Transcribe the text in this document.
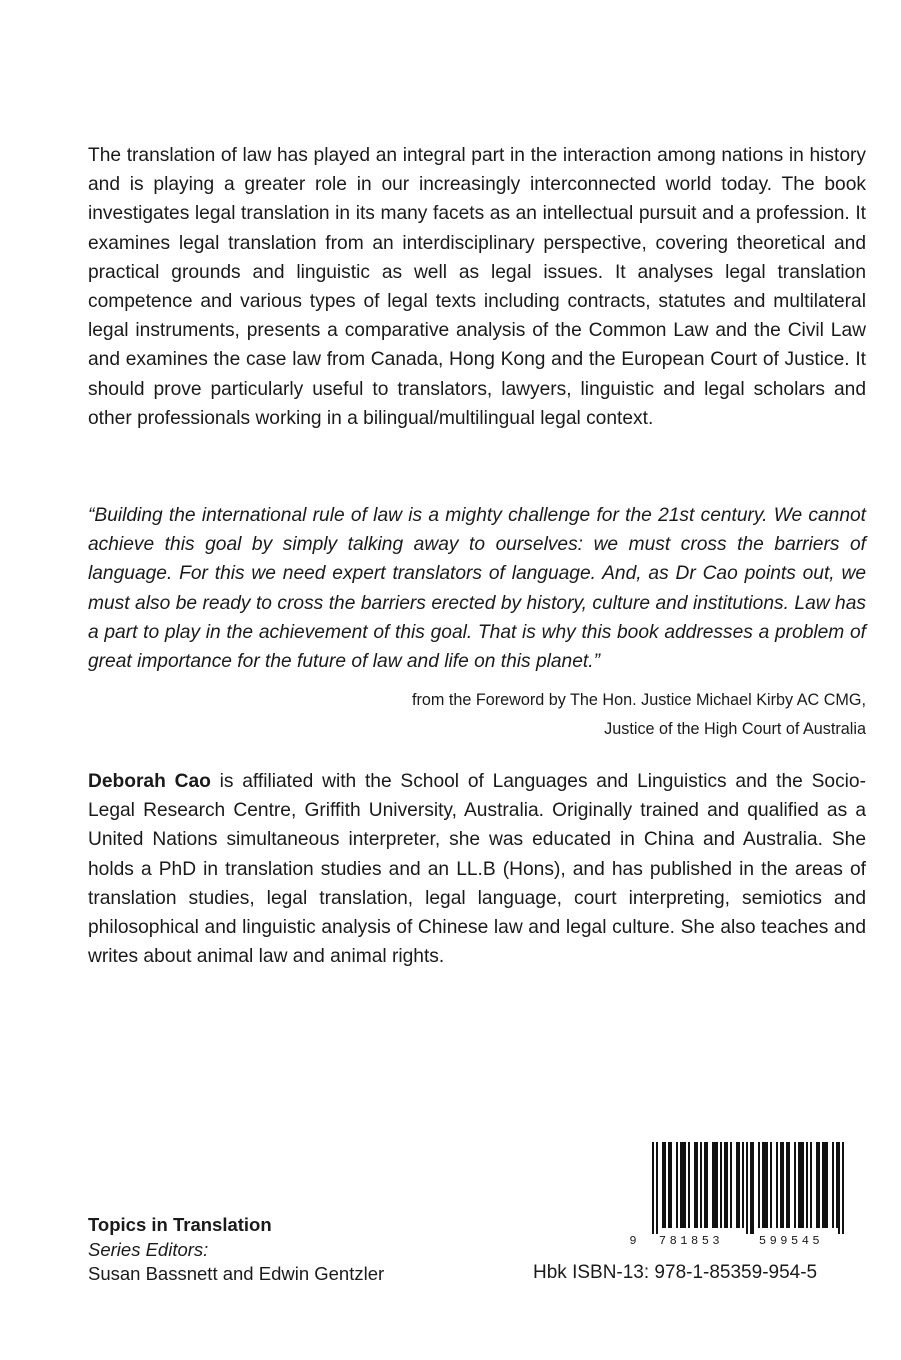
The translation of law has played an integral part in the interaction among nations in history and is playing a greater role in our increasingly interconnected world today. The book investigates legal translation in its many facets as an intellectual pursuit and a profession. It examines legal translation from an interdisciplinary perspective, covering theoretical and practical grounds and linguistic as well as legal issues. It analyses legal translation competence and various types of legal texts including contracts, statutes and multilateral legal instruments, presents a comparative analysis of the Common Law and the Civil Law and examines the case law from Canada, Hong Kong and the European Court of Justice. It should prove particularly useful to translators, lawyers, linguistic and legal scholars and other professionals working in a bilingual/multilingual legal context.

“Building the international rule of law is a mighty challenge for the 21st century. We cannot achieve this goal by simply talking away to ourselves: we must cross the barriers of language. For this we need expert translators of language. And, as Dr Cao points out, we must also be ready to cross the barriers erected by history, culture and institutions. Law has a part to play in the achievement of this goal. That is why this book addresses a problem of great importance for the future of law and life on this planet.”

from the Foreword by The Hon. Justice Michael Kirby AC CMG,
Justice of the High Court of Australia

Deborah Cao is affiliated with the School of Languages and Linguistics and the Socio-Legal Research Centre, Griffith University, Australia. Originally trained and qualified as a United Nations simultaneous interpreter, she was educated in China and Australia. She holds a PhD in translation studies and an LL.B (Hons), and has published in the areas of translation studies, legal translation, legal language, court interpreting, semiotics and philosophical and linguistic analysis of Chinese law and legal culture. She also teaches and writes about animal law and animal rights.

Topics in Translation
Series Editors:
Susan Bassnett and Edwin Gentzler
9 781853	599545
Hbk ISBN-13: 978-1-85359-954-5
